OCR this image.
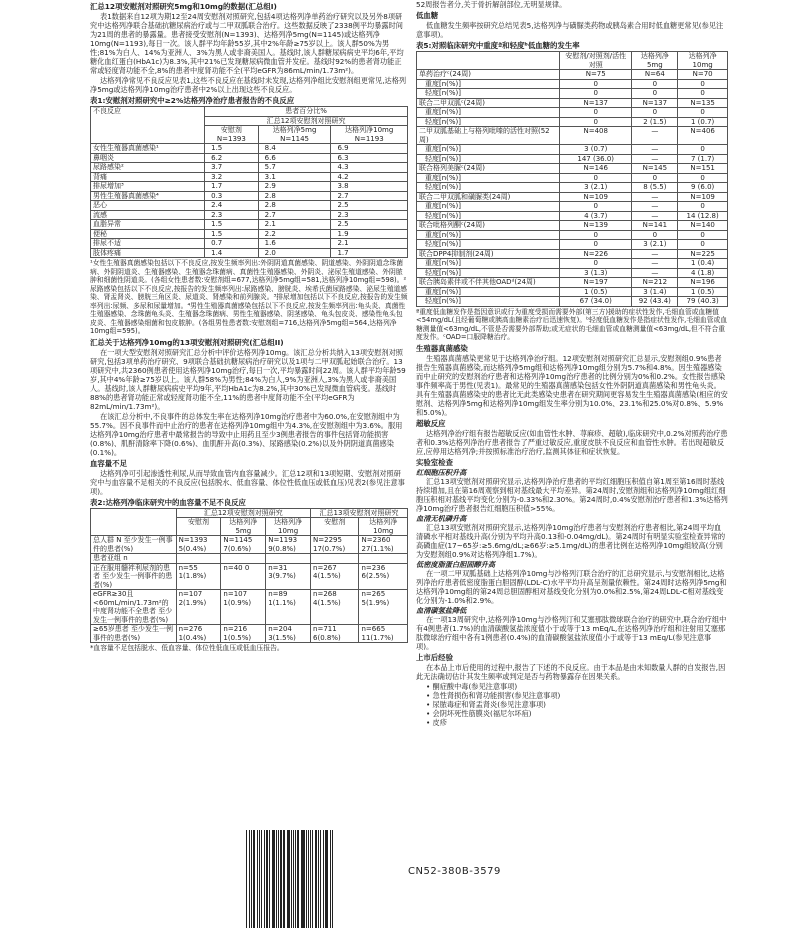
汇总12项安慰剂对照研究5mg和10mg的数据(汇总组I)
表1数据来自12项为期12至24周安慰剂对照研究,包括4项达格列净单药治疗研究以及另外8项研究中达格列净联合基础抗糖尿病治疗或与二甲双胍联合治疗。这些数据反映了2338例平均暴露时间为21周的患者的暴露量。患者接受安慰剂(N=1393)、达格列净5mg(N=1145)或达格列净10mg(N=1193),每日一次。该人群平均年龄55岁,其中2%年龄≥75岁以上。该人群50%为男性;81%为白人、14%为亚洲人、3%为黑人或非裔美国人。基线时,该人群糖尿病病史平均6年,平均糖化血红蛋白(HbA1c)为8.3%,其中21%已发现糖尿病微血管并发症。基线时92%的患者肾功能正常或轻度肾功能不全,8%的患者中度肾功能不全(平均eGFR为86mL/min/1.73m²)。
达格列净常见不良反应见表1,这些不良反应在基线时未发现,达格列净组比安慰剂组更常见,达格列净5mg或达格列净10mg治疗患者中2%以上出现这些不良反应。
表1:安慰剂对照研究中≥2%达格列净治疗患者报告的不良反应
不良反应	患者百分比%		
	汇总12项安慰剂对照研究		
	安慰剂 N=1393	达格列净5mg N=1145	达格列净10mg N=1193
女性生殖器真菌感染¹	1.5	8.4	6.9
鼻咽炎	6.2	6.6	6.3
尿路感染²	3.7	5.7	4.3
背痛	3.2	3.1	4.2
排尿增加³	1.7	2.9	3.8
男性生殖器真菌感染⁴	0.3	2.8	2.7
恶心	2.4	2.8	2.5
流感	2.3	2.7	2.3
血脂异常	1.5	2.1	2.5
便秘	1.5	2.2	1.9
排尿不适	0.7	1.6	2.1
肢体疼痛	1.4	2.0	1.7
¹女性生殖器真菌感染包括以下不良反应,按发生频率列出:外阴阴道真菌感染、阴道感染、外阴阴道念珠菌病、外阴阴道炎、生殖器感染、生殖器念珠菌病、真菌性生殖器感染、外阴炎、泌尿生殖道感染、外阴脓肿和细菌性阴道炎。(各组女性患者数:安慰剂组=677,达格列净5mg组=581,达格列净10mg组=598)。²尿路感染包括以下不良反应,按报告的发生频率列出:尿路感染、膀胱炎、埃希氏菌尿路感染、泌尿生殖道感染、肾盂肾炎、膀胱三角区炎、尿道炎、肾感染和前列腺炎。³排尿增加包括以下不良反应,按报告的发生频率列出:尿频、多尿和尿量增加。⁴男性生殖器真菌感染包括以下不良反应,按发生频率列出:龟头炎、真菌性生殖器感染、念珠菌龟头炎、生殖器念珠菌病、男性生殖器感染、阴茎感染、龟头包皮炎、感染性龟头包皮炎、生殖器感染细菌和包皮脓肿。(各组男性患者数:安慰剂组=716,达格列净5mg组=564,达格列净10mg组=595)。
汇总关于达格列净10mg的13项安慰剂对照研究(汇总组II)
在一项大型安慰剂对照研究汇总分析中评价达格列净10mg。该汇总分析共纳入13项安慰剂对照研究,包括3项单药治疗研究、9项联合基础抗糖尿病治疗研究以及1项与二甲双胍起始联合治疗。13项研究中,共2360例患者使用达格列净10mg治疗,每日一次,平均暴露时间22周。该人群平均年龄59岁,其中4%年龄≥75岁以上。该人群58%为男性;84%为白人,9%为亚洲人,3%为黑人或非裔美国人。基线时,该人群糖尿病病史平均9年,平均HbA1c为8.2%,其中30%已发现微血管病变。基线时88%的患者肾功能正常或轻度肾功能不全,11%的患者中度肾功能不全(平均eGFR为82mL/min/1.73m²)。
在该汇总分析中,不良事件的总体发生率在达格列净10mg治疗患者中为60.0%,在安慰剂组中为55.7%。因不良事件而中止治疗的患者在达格列净10mg组中为4.3%,在安慰剂组中为3.6%。服用达格列净10mg治疗患者中最常报告的导致中止用药且至少3例患者报告的事件包括肾功能损害(0.8%)、肌酐清除率下降(0.6%)、血肌酐升高(0.3%)、尿路感染(0.2%)以及外阴阴道真菌感染(0.1%)。
血容量不足
达格列净可引起渗透性利尿,从而导致血管内血容量减少。汇总12项和13项短期、安慰剂对照研究中与血容量不足相关的不良反应(包括脱水、低血容量、体位性低血压或低血压)见表2(参见注意事项)。
表2:达格列净临床研究中的血容量不足不良反应
	汇总12项安慰剂对照研究			汇总13项安慰剂对照研究	
	安慰剂	达格列净5mg	达格列净10mg	安慰剂	达格列净10mg
总人群 N 至少发生一例事件的患者(%)	N=1393 5(0.4%)	N=1145 7(0.6%)	N=1193 9(0.8%)	N=2295 17(0.7%)	N=2360 27(1.1%)
患者亚组 n					
正在服用髓袢利尿剂的患者 至少发生一例事件的患者(%)	n=55 1(1.8%)	n=40 0	n=31 3(9.7%)	n=267 4(1.5%)	n=236 6(2.5%)
eGFR≥30且<60mL/min/1.73m²的中度肾功能不全患者 至少发生一例事件的患者(%)	n=107 2(1.9%)	n=107 1(0.9%)	n=89 1(1.1%)	n=268 4(1.5%)	n=265 5(1.9%)
≥65岁患者 至少发生一例事件的患者(%)	n=276 1(0.4%)	n=216 1(0.5%)	n=204 3(1.5%)	n=711 6(0.8%)	n=665 11(1.7%)
*血容量不足包括脱水、低血容量、体位性低血压或低血压报告。
52周报告者分,关于骨折解剖部位,无明显规律。
低血糖
低血糖发生频率按研究总结见表5,达格列净与磺脲类药物或胰岛素合用时低血糖更常见(参见注意事项)。
表5:对照临床研究中重度ª和轻度ᵇ低血糖的发生率
	安慰剂/对照剂/活性对照	达格列净5mg	达格列净10mg
单药治疗ᶜ(24周)	N=75	N=64	N=70
重度[n(%)]	0	0	0
轻度[n(%)]	0	0	0
联合二甲双胍ᶜ(24周)	N=137	N=137	N=135
重度[n(%)]	0	0	0
轻度[n(%)]	0	2 (1.5)	1 (0.7)
二甲双胍基础上与格列吡嗪的活性对照(52周)	N=408	—	N=406
重度[n(%)]	3 (0.7)	—	0
轻度[n(%)]	147 (36.0)	—	7 (1.7)
联合格列美脲ᶜ(24周)	N=146	N=145	N=151
重度[n(%)]	0	0	0
轻度[n(%)]	3 (2.1)	8 (5.5)	9 (6.0)
联合二甲双胍和磺脲类(24周)	N=109	—	N=109
重度[n(%)]	0	—	0
轻度[n(%)]	4 (3.7)	—	14 (12.8)
联合吡格列酮ᶜ(24周)	N=139	N=141	N=140
重度[n(%)]	0	0	0
轻度[n(%)]	0	3 (2.1)	0
联合DPP4抑制剂(24周)	N=226	—	N=225
重度[n(%)]	0	—	1 (0.4)
轻度[n(%)]	3 (1.3)	—	4 (1.8)
联合胰岛素伴或不伴其他OADᵈ(24周)	N=197	N=212	N=196
重度[n(%)]	1 (0.5)	3 (1.4)	1 (0.5)
轻度[n(%)]	67 (34.0)	92 (43.4)	79 (40.3)
ª重度低血糖发作是指因意识或行为重度受损而需要外部(第三方)援助的症状性发作,毛细血管或血糖值<54mg/dL(且经葡萄糖或胰高血糖素治疗后迅速恢复)。ᵇ轻度低血糖发作是指症状性发作,毛细血管或血糖测量值<63mg/dL,不管是否需要外部帮助;或无症状的毛细血管或血糖测量值<63mg/dL,但不符合重度发作。ᶜOAD=口服降糖治疗。
生殖器真菌感染
生殖器真菌感染更常见于达格列净治疗组。12项安慰剂对照研究汇总显示,安慰剂组0.9%患者报告生殖器真菌感染,而达格列净5mg组和达格列净10mg组分别为5.7%和4.8%。因生殖器感染而中止研究的安慰剂治疗患者和达格列净10mg治疗患者的比例分别为0%和0.2%。女性报告感染事件频率高于男性(见表1)。最常见的生殖器真菌感染包括女性外阴阴道真菌感染和男性龟头炎。具有生殖器真菌感染史的患者比无此类感染史患者在研究期间更容易发生生殖器真菌感染(相应的安慰剂、达格列净5mg和达格列净10mg组发生率分别为10.0%、23.1%和25.0%对0.8%、5.9%和5.0%)。
超敏反应
达格列净治疗组有报告超敏反应(如血管性水肿、荨麻疹、超敏),临床研究中,0.2%对照药治疗患者和0.3%达格列净治疗患者报告了严重过敏反应,重度皮肤不良反应和血管性水肿。若出现超敏反应,应停用达格列净;并按照标准治疗治疗,监测其体征和症状恢复。
实验室检查
红细胞压积升高
汇总13项安慰剂对照研究显示,达格列净治疗患者的平均红细胞压积值自第1周至第16周时基线持续增加,且在第16周观察到相对基线最大平均差异。第24周时,安慰剂组和达格列净10mg组红细胞压积相对基线平均变化分别为-0.33%和2.30%。第24周时,0.4%安慰剂治疗患者和1.3%达格列净10mg治疗患者报告红细胞压积值>55%。
血清无机磷升高
汇总13项安慰剂对照研究显示,达格列净10mg治疗患者与安慰剂治疗患者相比,第24周平均血清磷水平相对基线升高(分别为平均升高0.13和-0.04mg/dL)。第24周时有明显实验室检查异常的高磷血症(17~65岁:≥5.6mg/dL;≥66岁:≥5.1mg/dL)的患者比例在达格列净10mg组较高(分别为安慰剂组0.9%对达格列净组1.7%)。
低密度脂蛋白胆固醇升高
在一项二甲双胍基础上达格列净10mg与沙格列汀联合治疗的汇总研究显示,与安慰剂相比,达格列净治疗患者低密度脂蛋白胆固醇(LDL-C)水平平均升高呈剂量依赖性。第24周时达格列净5mg和达格列净10mg组的第24周总胆固醇相对基线变化分别为0.0%和2.5%,第24周LDL-C相对基线变化分别为-1.0%和2.9%。
血清碳氢盐降低
在一项13周研究中,达格列净10mg与沙格列汀和艾塞那肽微球联合治疗的研究中,联合治疗组中有4例患者(1.7%)的血清碳酸氢盐浓度值小于或等于13 mEq/L,在达格列净治疗组和注射用艾塞那肽微球治疗组中各有1例患者(0.4%)的血清碳酸氢盐浓度值小于或等于13 mEq/L(参见注意事项)。
上市后经验
在本品上市后使用的过程中,报告了下述的不良反应。由于本品是由未知数量人群的自发报告,因此无法确切估计其发生频率或判定是否与药物暴露存在因果关系。
• 酮症酸中毒(参见注意事项)
• 急性肾损伤和肾功能损害(参见注意事项)
• 尿脓毒症和肾盂肾炎(参见注意事项)
• 会阴坏死性筋膜炎(福尼尔坏疽)
• 皮疹
CN52-380B-3579
